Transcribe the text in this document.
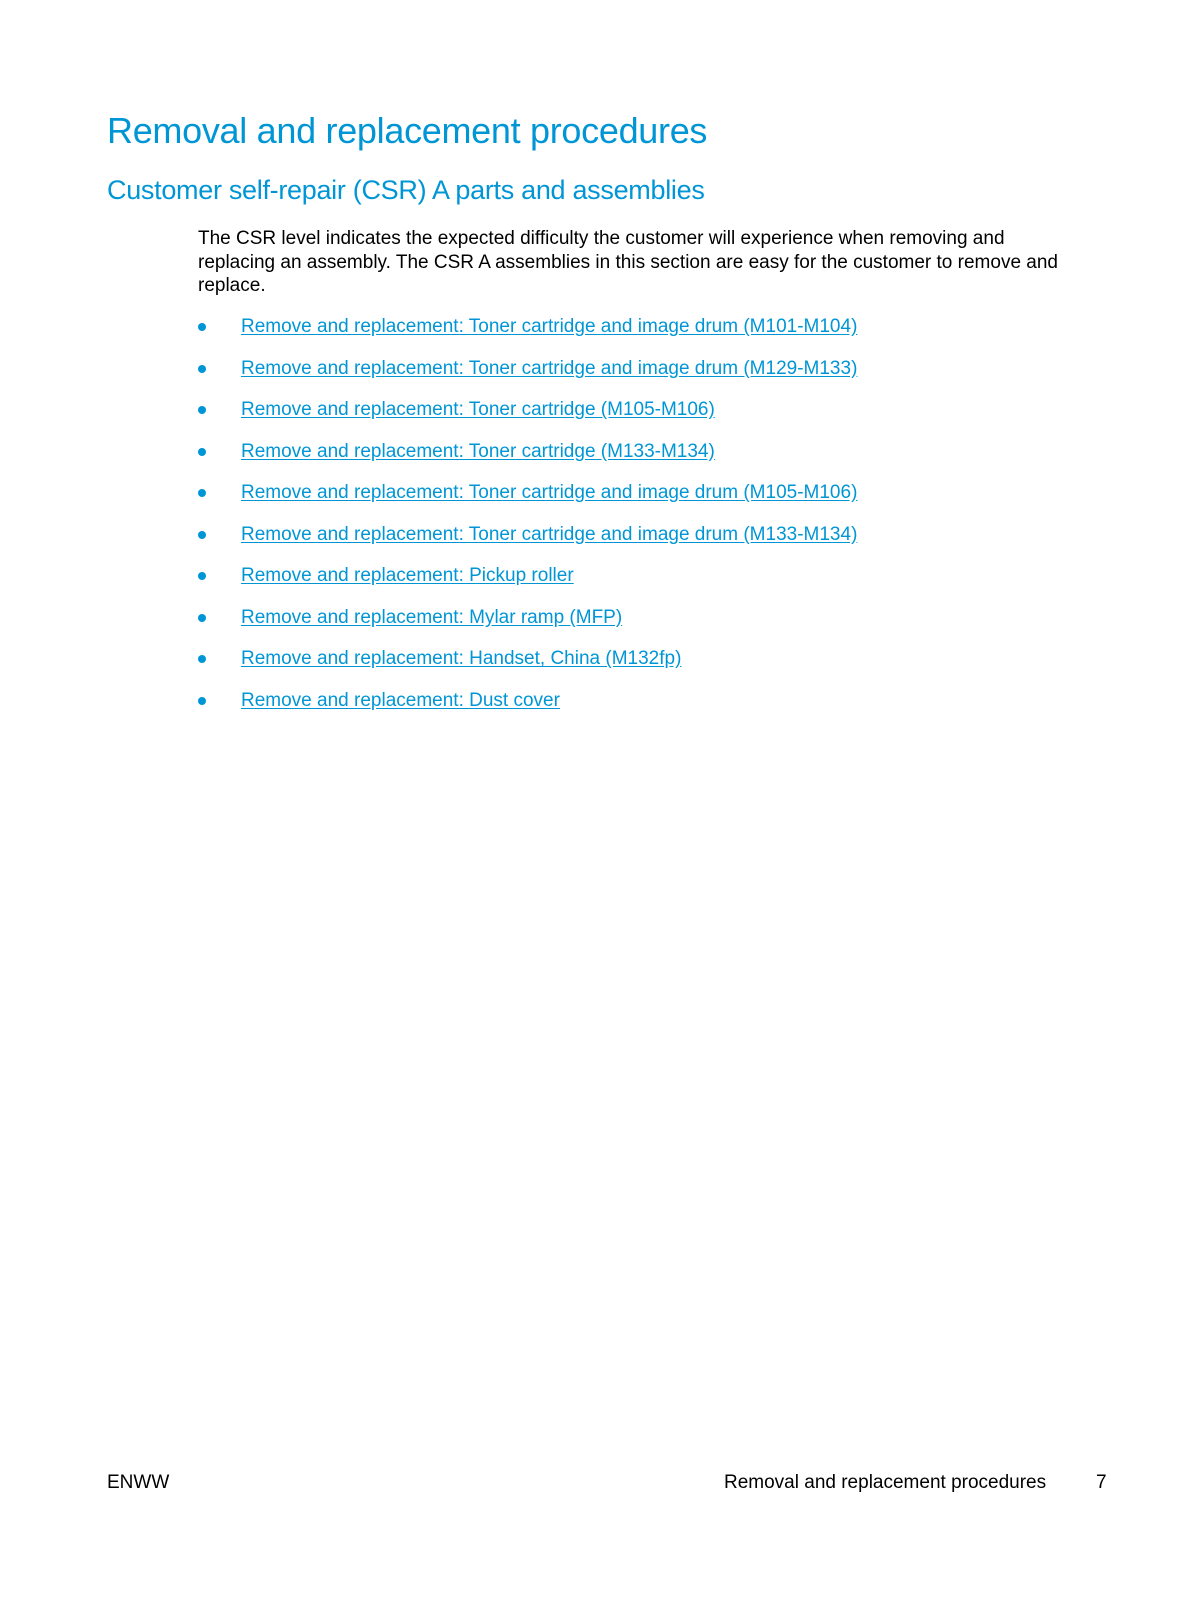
Removal and replacement procedures
Customer self-repair (CSR) A parts and assemblies

The CSR level indicates the expected difficulty the customer will experience when removing and replacing an assembly. The CSR A assemblies in this section are easy for the customer to remove and replace.

Remove and replacement: Toner cartridge and image drum (M101-M104)
Remove and replacement: Toner cartridge and image drum (M129-M133)
Remove and replacement: Toner cartridge (M105-M106)
Remove and replacement: Toner cartridge (M133-M134)
Remove and replacement: Toner cartridge and image drum (M105-M106)
Remove and replacement: Toner cartridge and image drum (M133-M134)
Remove and replacement: Pickup roller
Remove and replacement: Mylar ramp (MFP)
Remove and replacement: Handset, China (M132fp)
Remove and replacement: Dust cover
ENWW	Removal and replacement procedures	7
